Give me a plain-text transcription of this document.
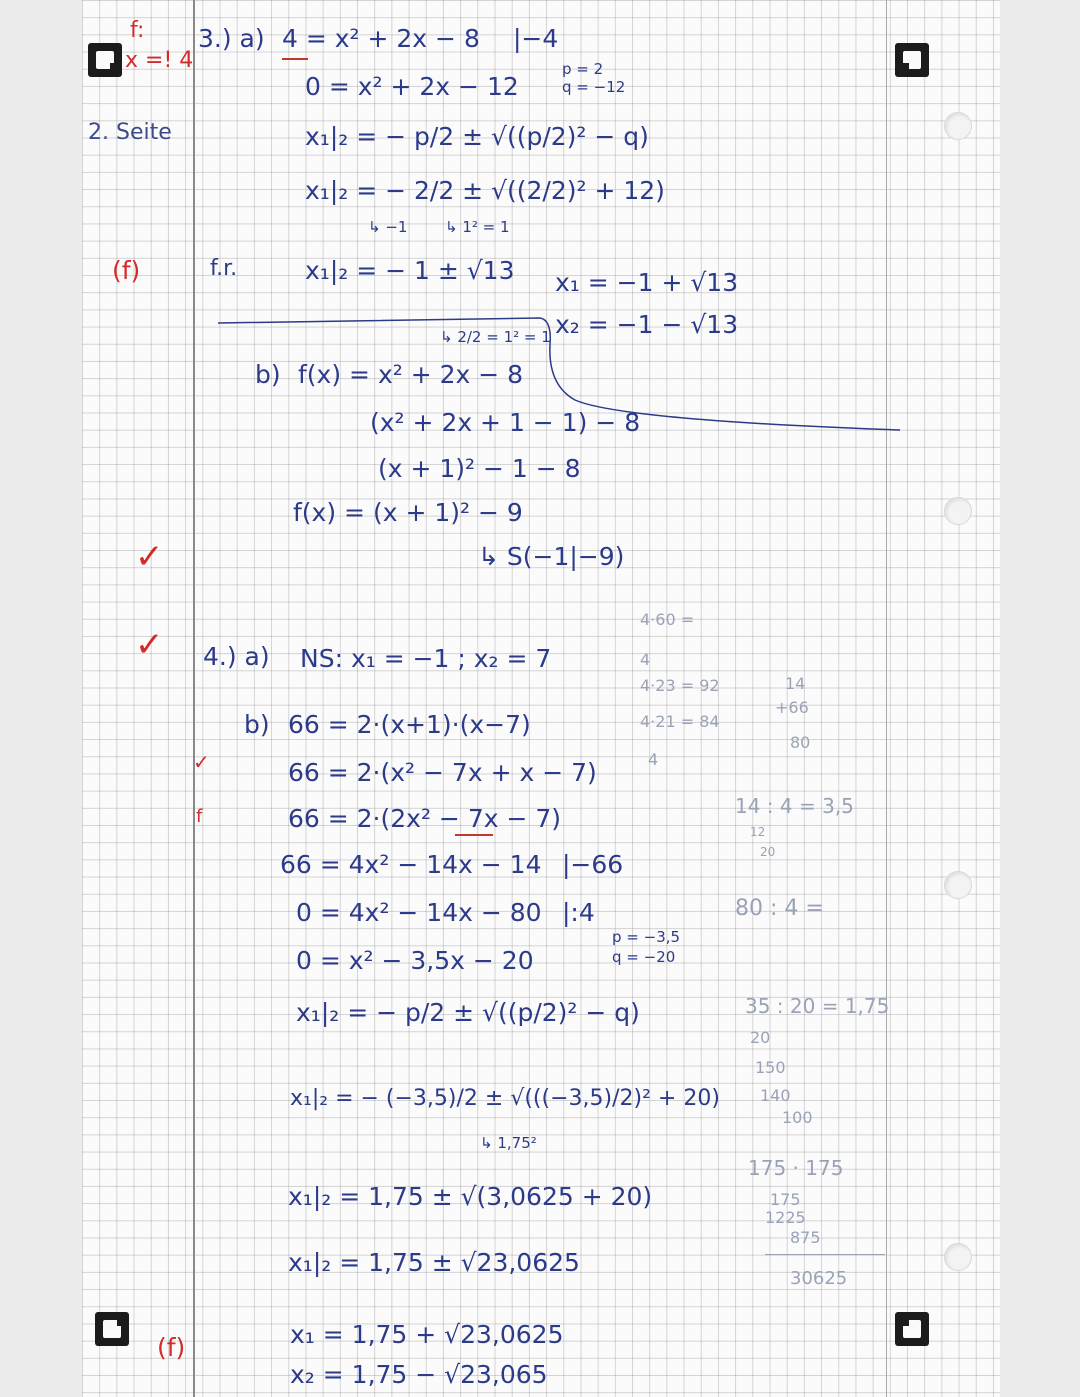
f:
x =! 4
2. Seite
(f)
(f)
✓
✓
✓
f
3.) a) 4 = x² + 2x − 8 |−4
0 = x² + 2x − 12
p = 2
q = −12
x₁|₂ = − p/2 ± √((p/2)² − q)
x₁|₂ = − 2/2 ± √((2/2)² + 12)
↳ −1	↳ 1² = 1
f.r.	x₁|₂ = − 1 ± √13 x₁ = −1 + √13
x₂ = −1 − √13
↳ 2/2 = 1² = 1
b) f(x) = x² + 2x − 8
(x² + 2x + 1 − 1) − 8
(x + 1)² − 1 − 8
f(x) = (x + 1)² − 9
↳ S(−1|−9)
4.) a) NS: x₁ = −1 ; x₂ = 7
b) 66 = 2·(x+1)·(x−7)
66 = 2·(x² − 7x + x − 7)
66 = 2·(2x² − 7x − 7)
66 = 4x² − 14x − 14 |−66
0 = 4x² − 14x − 80 |:4
p = −3,5
q = −20
0 = x² − 3,5x − 20
x₁|₂ = − p/2 ± √((p/2)² − q)
x₁|₂ = − (−3,5)/2 ± √(((−3,5)/2)² + 20)
↳ 1,75²
x₁|₂ = 1,75 ± √(3,0625 + 20)
x₁|₂ = 1,75 ± √23,0625
x₁ = 1,75 + √23,0625
x₂ = 1,75 − √23,065
4·60 =
4
4·23 = 92
4·21 = 84
4
14
+66
80
14 : 4 = 3,5
12
20
80 : 4 =
35 : 20 = 1,75
20
150
140
100
175 · 175
175
1225
875
30625
